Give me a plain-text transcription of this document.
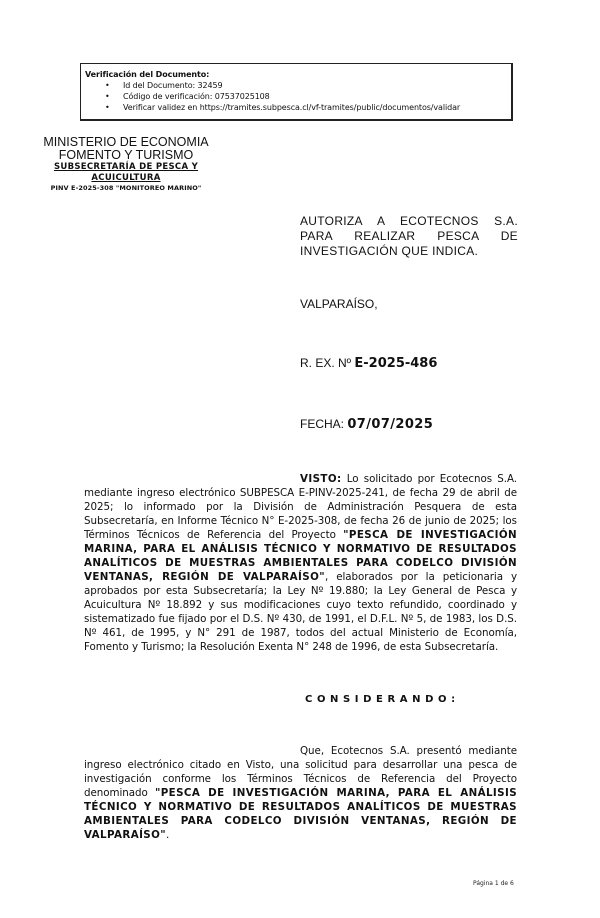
Verificación del Documento:
• Id del Documento: 32459
• Código de verificación: 07537025108
• Verificar validez en https://tramites.subpesca.cl/vf-tramites/public/documentos/validar
MINISTERIO DE ECONOMIA
FOMENTO Y TURISMO
SUBSECRETARÍA DE PESCA Y ACUICULTURA
PINV E-2025-308 "MONITOREO MARINO"
AUTORIZA A ECOTECNOS S.A. PARA REALIZAR PESCA DE INVESTIGACIÓN QUE INDICA.
VALPARAÍSO,
R. EX. Nº E-2025-486
FECHA: 07/07/2025
VISTO: Lo solicitado por Ecotecnos S.A. mediante ingreso electrónico SUBPESCA E-PINV-2025-241, de fecha 29 de abril de 2025; lo informado por la División de Administración Pesquera de esta Subsecretaría, en Informe Técnico N° E-2025-308, de fecha 26 de junio de 2025; los Términos Técnicos de Referencia del Proyecto "PESCA DE INVESTIGACIÓN MARINA, PARA EL ANÁLISIS TÉCNICO Y NORMATIVO DE RESULTADOS ANALÍTICOS DE MUESTRAS AMBIENTALES PARA CODELCO DIVISIÓN VENTANAS, REGIÓN DE VALPARAÍSO", elaborados por la peticionaria y aprobados por esta Subsecretaría; la Ley Nº 19.880; la Ley General de Pesca y Acuicultura Nº 18.892 y sus modificaciones cuyo texto refundido, coordinado y sistematizado fue fijado por el D.S. Nº 430, de 1991, el D.F.L. Nº 5, de 1983, los D.S. Nº 461, de 1995, y N° 291 de 1987, todos del actual Ministerio de Economía, Fomento y Turismo; la Resolución Exenta N° 248 de 1996, de esta Subsecretaría.
CONSIDERANDO:
Que, Ecotecnos S.A. presentó mediante ingreso electrónico citado en Visto, una solicitud para desarrollar una pesca de investigación conforme los Términos Técnicos de Referencia del Proyecto denominado "PESCA DE INVESTIGACIÓN MARINA, PARA EL ANÁLISIS TÉCNICO Y NORMATIVO DE RESULTADOS ANALÍTICOS DE MUESTRAS AMBIENTALES PARA CODELCO DIVISIÓN VENTANAS, REGIÓN DE VALPARAÍSO".
Página 1 de 6
